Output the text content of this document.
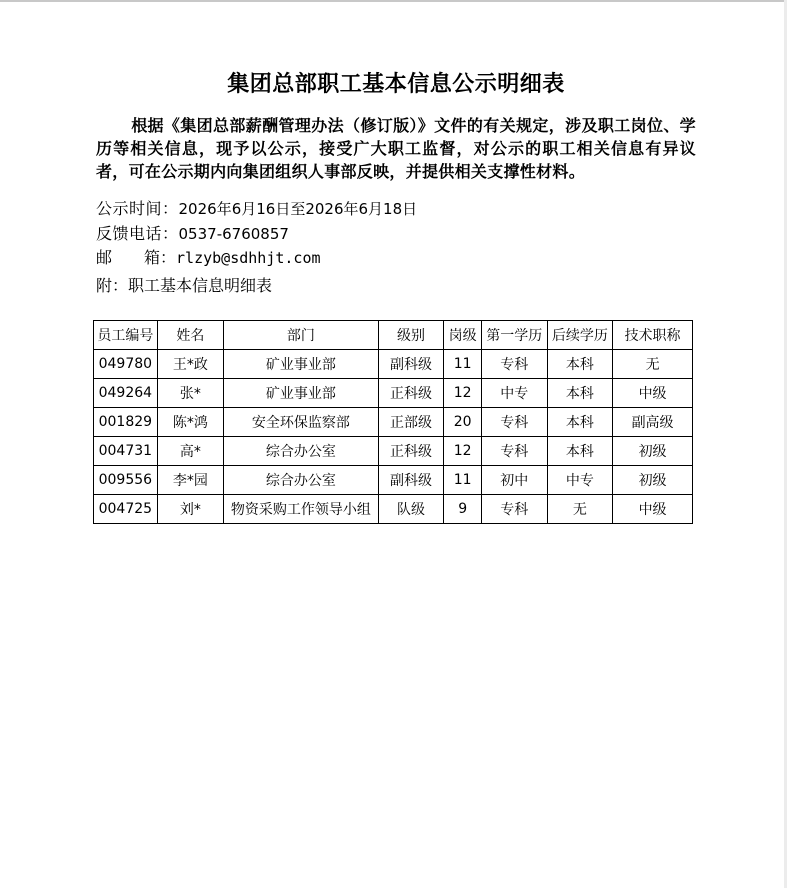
集团总部职工基本信息公示明细表

根据《集团总部薪酬管理办法（修订版）》文件的有关规定，涉及职工岗位、学历等相关信息，现予以公示，接受广大职工监督，对公示的职工相关信息有异议者，可在公示期内向集团组织人事部反映，并提供相关支撑性材料。

公示时间：2026年6月16日至2026年6月18日
反馈电话：0537-6760857
邮 箱：rlzyb@sdhhjt.com
附：职工基本信息明细表
员工编号	姓名	部门	级别	岗级	第一学历	后续学历	技术职称
049780	王*政	矿业事业部	副科级	11	专科	本科	无
049264	张*	矿业事业部	正科级	12	中专	本科	中级
001829	陈*鸿	安全环保监察部	正部级	20	专科	本科	副高级
004731	高*	综合办公室	正科级	12	专科	本科	初级
009556	李*园	综合办公室	副科级	11	初中	中专	初级
004725	刘*	物资采购工作领导小组	队级	9	专科	无	中级
